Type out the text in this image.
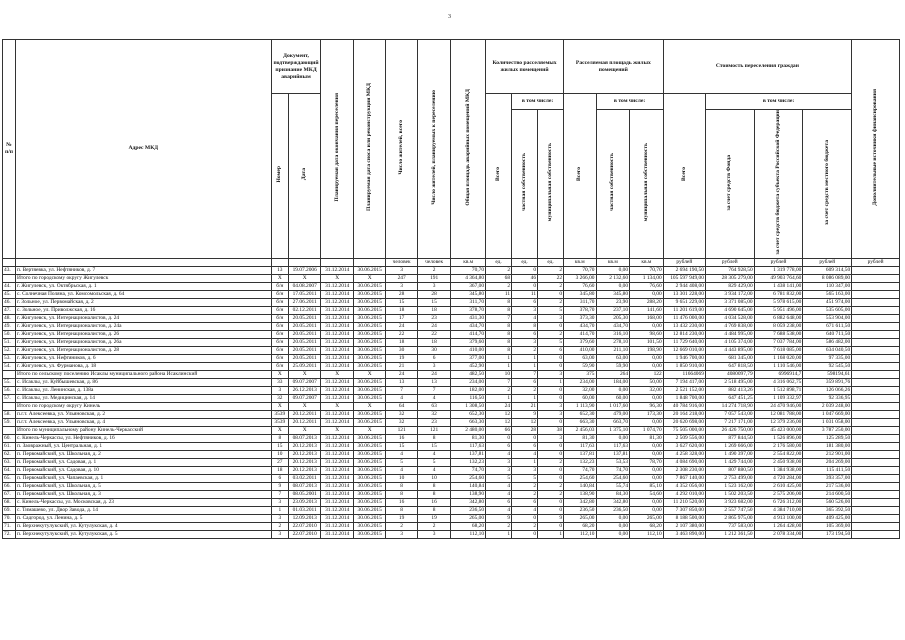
3
№ п/п	Адрес МКД	Документ, подтверждающий признание МКД аварийным		Планируемая дата окончания переселения	Планируемая дата сноса или реконструкции МКД	Число жителей, всего	Число жителей, планируемых к переселению	Общая площадь аварийных помещений МКД	Количество расселяемых жилых помещений			Расселяемая площадь жилых помещений			Стоимость переселения граждан				Дополнительные источники финансирования
		Номер	Дата						Всего	в том числе:		Всего	в том числе:		Всего	в том числе:			
										частная собственность	муниципальная собственность		частная собственность	муниципальная собственность		за счет средств Фонда	за счет средств бюджета субъекта Российской Федерации	за счет средств местного бюджета	
						человек	человек	кв.м	ед.	ед.	ед.	кв.м	кв.м	кв.м	рублей	рублей	рублей	рублей	рублей
43.	п. Вертяевка, ул. Нефтяников, д. 7	13	19.07.2006	31.12.2014	30.06.2015	3	2	70,70	2	0	2	70,70	0,00	70,70	2 694 190,50	764 928,50	1 319 778,00	609 314,50	
	Итого по городскому округу Жигулевск	X	X	X	X	247	191	4 364,80	68	46	22	3 266,00	2 132,60	1 134,00	105 597 949,00	28 305 279,00	49 903 764,60	8 086 089,00	
44.	г. Жигулевск, ул. Октябрьская, д. 1	б/н	04.08.2007	31.12.2014	30.06.2015	3	3	367,00	2	0	2	76,60	0,00	76,60	2 944 408,00	829 429,00	1 438 141,00	110 347,00	
45.	с. Солнечная Поляна, ул. Комсомольская, д. 64	б/н	17.05.2011	31.12.2014	30.06.2015	28	28	345,80	11	11	0	345,80	345,80	0,00	13 301 228,00	3 934 172,00	6 781 832,00	565 163,00	
46.	г. Зольное, ул. Первомайская, д. 2	б/н	27.06.2011	31.12.2014	30.06.2015	15	15	311,70	8	6	2	311,70	23,90	288,20	9 651 229,00	3 371 085,00	5 978 615,00	451 974,00	
47.	с. Зольное, ул. Приволжская, д. 16	б/н	02.12.2011	31.12.2014	30.06.2015	18	18	378,70	8	3	5	378,70	237,10	141,60	11 201 619,00	4 690 645,00	5 951 496,00	535 605,00	
48.	г. Жигулевск, ул. Интернационалистов, д. 24	б/н	20.05.2011	31.12.2014	30.06.2015	17	23	431,30	7	4	3	373,30	205,30	168,00	11 476 000,00	4 034 528,00	6 882 648,00	553 904,00	
49.	г. Жигулевск, ул. Интернационалистов, д. 24а	б/н	20.05.2011	31.12.2014	30.06.2015	24	24	434,70	8	8	0	434,70	434,70	0,00	13 432 230,00	4 769 838,00	8 059 238,00	671 611,50	
50.	г. Жигулевск, ул. Интернационалистов, д. 26	б/н	20.05.2011	31.12.2014	30.06.2015	22	22	414,70	8	6	2	414,70	316,10	98,60	12 814 230,00	4 484 995,00	7 688 538,00	640 711,50	
51.	г. Жигулевск, ул. Интернационалистов, д. 26а	б/н	20.05.2011	31.12.2014	30.06.2015	18	18	379,60	8	3	5	379,60	278,10	101,50	11 729 640,00	4 105 374,00	7 037 784,00	586 482,00	
52.	г. Жигулевск, ул. Интернационалистов, д. 28	б/н	20.05.2011	31.12.2014	30.06.2015	30	30	410,00	8	2	6	410,00	211,10	198,90	12 669 010,00	4 443 895,00	7 618 085,00	634 040,50	
53.	г. Жигулевск, ул. Нефтяников, д. 6	б/н	20.05.2011	31.12.2014	30.06.2015	19	6	377,00	1	1	0	63,00	63,00	0,00	1 946 700,00	681 345,00	1 168 020,00	97 335,00	
54.	г. Жигулевск, ул. Фурманова, д. 18	б/н	25.09.2011	31.12.2014	30.06.2015	21	3	452,90	1	1	0	59,90	59,90	0,00	1 850 910,00	647 818,50	1 110 546,00	92 545,50	
	Итого по сельскому поселению Исаклы муниципального района Исаклинский	X	X	X	X	24	24	482,50	10	7	3	375	264	122	11664069	4080097,79	6996914,7	598194,61	
55.	с. Исаклы, ул. Куйбышевская, д. 86	33	09.07.2007	31.12.2014	30.06.2015	13	13	234,00	7	6	1	234,00	184,00	50,00	7 194 417,00	2 518 495,00	4 316 062,75	359 891,76	
56.	с. Исаклы, ул. Ленинская, д. 138а	3	26.12.2013	31.12.2014	30.06.2015	7	7	182,00	2	2	0	32,00	0,00	32,00	2 521 152,00	882 413,26	1 512 898,71	126 066,26	
57.	с. Исаклы, ул. Медицинская, д. 14	32	09.07.2007	31.12.2014	30.06.2015	4	4	116,50	1	1	0	60,00	60,00	0,00	1 848 700,00	647 451,25	1 109 332,97	92 336,95	
	Итого по городскому округу Кинель	X	X	X	X	64	63	1 308,50	24	21	3	1 113,90	1 017,60	96,30	40 784 916,00	14 274 718,90	24 470 946,00	2 039 248,00	
58.	п.г.т. Алексеевка, ул. Ульяновская, д. 2	3539	20.12.2011	31.12.2014	30.06.2015	32	32	652,30	12	9	3	652,30	479,00	173,30	20 164 218,00	7 057 543,00	12 081 788,00	1 047 669,00	
59.	п.г.т. Алексеевка, ул. Ульяновская, д. 4	3539	20.12.2011	31.12.2014	30.06.2015	32	23	663,30	12	12	0	663,30	663,70	0,00	20 620 698,00	7 217 171,00	12 379 236,00	1 031 058,00	
	Итого по муниципальному району Кинель-Черкасский	X	X	X	X	121	121	2 480,00	66	28	38	2 456,03	1 375,10	1 074,70	75 505 000,00	26 426 750,00	45 423 000,00	3 787 250,00	
60.	с. Кинель-Черкассы, ул. Нефтяников, д. 16	8	08.07.2013	31.12.2014	30.06.2015	16	8	81,30	0	0	3	81,30	0,00	81,30	2 509 556,00	877 844,50	1 526 896,00	125 289,50	
61.	п. Заовражный, ул. Центральная, д. 1	15	20.12.2013	31.12.2014	30.06.2015	15	15	117,63	6	6	0	117,63	117,63	0,00	3 627 620,00	1 269 666,00	2 176 580,00	181 380,00	
62.	п. Первомайский, ул. Школьная, д. 2	10	20.12.2013	31.12.2014	30.06.2015	4	4	137,81	4	4	0	137,81	137,81	0,00	4 258 328,00	1 490 397,00	2 554 822,00	212 901,00	
63.	п. Первомайский, ул. Садовая, д. 1	27	20.12.2013	31.12.2014	30.06.2015	5	5	132,23	3	1	2	132,23	53,53	78,70	4 084 690,00	1 429 744,00	2 450 938,00	204 269,00	
64.	п. Первомайский, ул. Садовая, д. 10	18	20.12.2013	31.12.2014	30.06.2015	4	4	74,70	3	3	0	74,70	74,70	0,00	2 308 230,00	807 880,50	1 384 938,00	115 411,50	
65.	п. Первомайский, ул. Чапаевская, д. 1	6	03.02.2011	31.12.2014	30.06.2015	10	10	254,60	5	5	0	254,60	254,60	0,00	7 867 140,00	2 753 499,00	4 720 284,00	393 357,00	
66.	п. Первомайский, ул. Школьная, д. 5	9	08.07.2013	31.12.2014	30.06.2015	8	8	140,84	4	2	2	140,84	55,74	85,10	4 352 056,00	1 523 162,00	2 610 425,00	217 536,00	
67.	п. Первомайский, ул. Школьная, д. 3	7	08.05.2001	31.12.2014	30.06.2015	8	8	138,90	4	2	2	138,90	84,30	54,60	4 292 010,00	1 502 203,50	2 575 206,00	214 600,50	
68.	с. Кинель-Черкассы, ул. Московская, д. 23	3	23.09.2013	31.12.2014	30.06.2015	16	16	342,80	6	6	0	342,80	342,80	0,00	11 210 520,00	3 923 682,00	6 726 312,00	560 526,00	
69.	с. Тимашево, ул. Двор Завода, д. 14	1	01.03.2011	31.12.2014	30.06.2015	8	8	236,50	4	4	0	236,50	236,50	0,00	7 307 850,00	2 557 747,50	4 384 710,00	365 392,50	
70.	п. Садгород, ул. Ленина, д. 5	3	12.09.2013	31.12.2014	30.06.2015	19	19	265,00	9	0	9	265,00	0,00	265,00	8 188 500,00	2 865 975,00	4 913 100,00	409 425,00	
71.	п. Верхнекутулукский, ул. Кутулукская, д. 4	2	22.07.2010	31.12.2014	30.06.2015	2	2	68,20	2	2	0	68,20	0,00	68,20	2 107 380,00	737 583,00	1 264 428,00	105 369,00	
72.	п. Верхнекутулукский, ул. Кутулукская, д. 5	3	22.07.2010	31.12.2014	30.06.2015	3	3	112,10	1	0	1	112,10	0,00	112,10	3 463 890,00	1 212 361,50	2 078 334,00	173 194,50	
